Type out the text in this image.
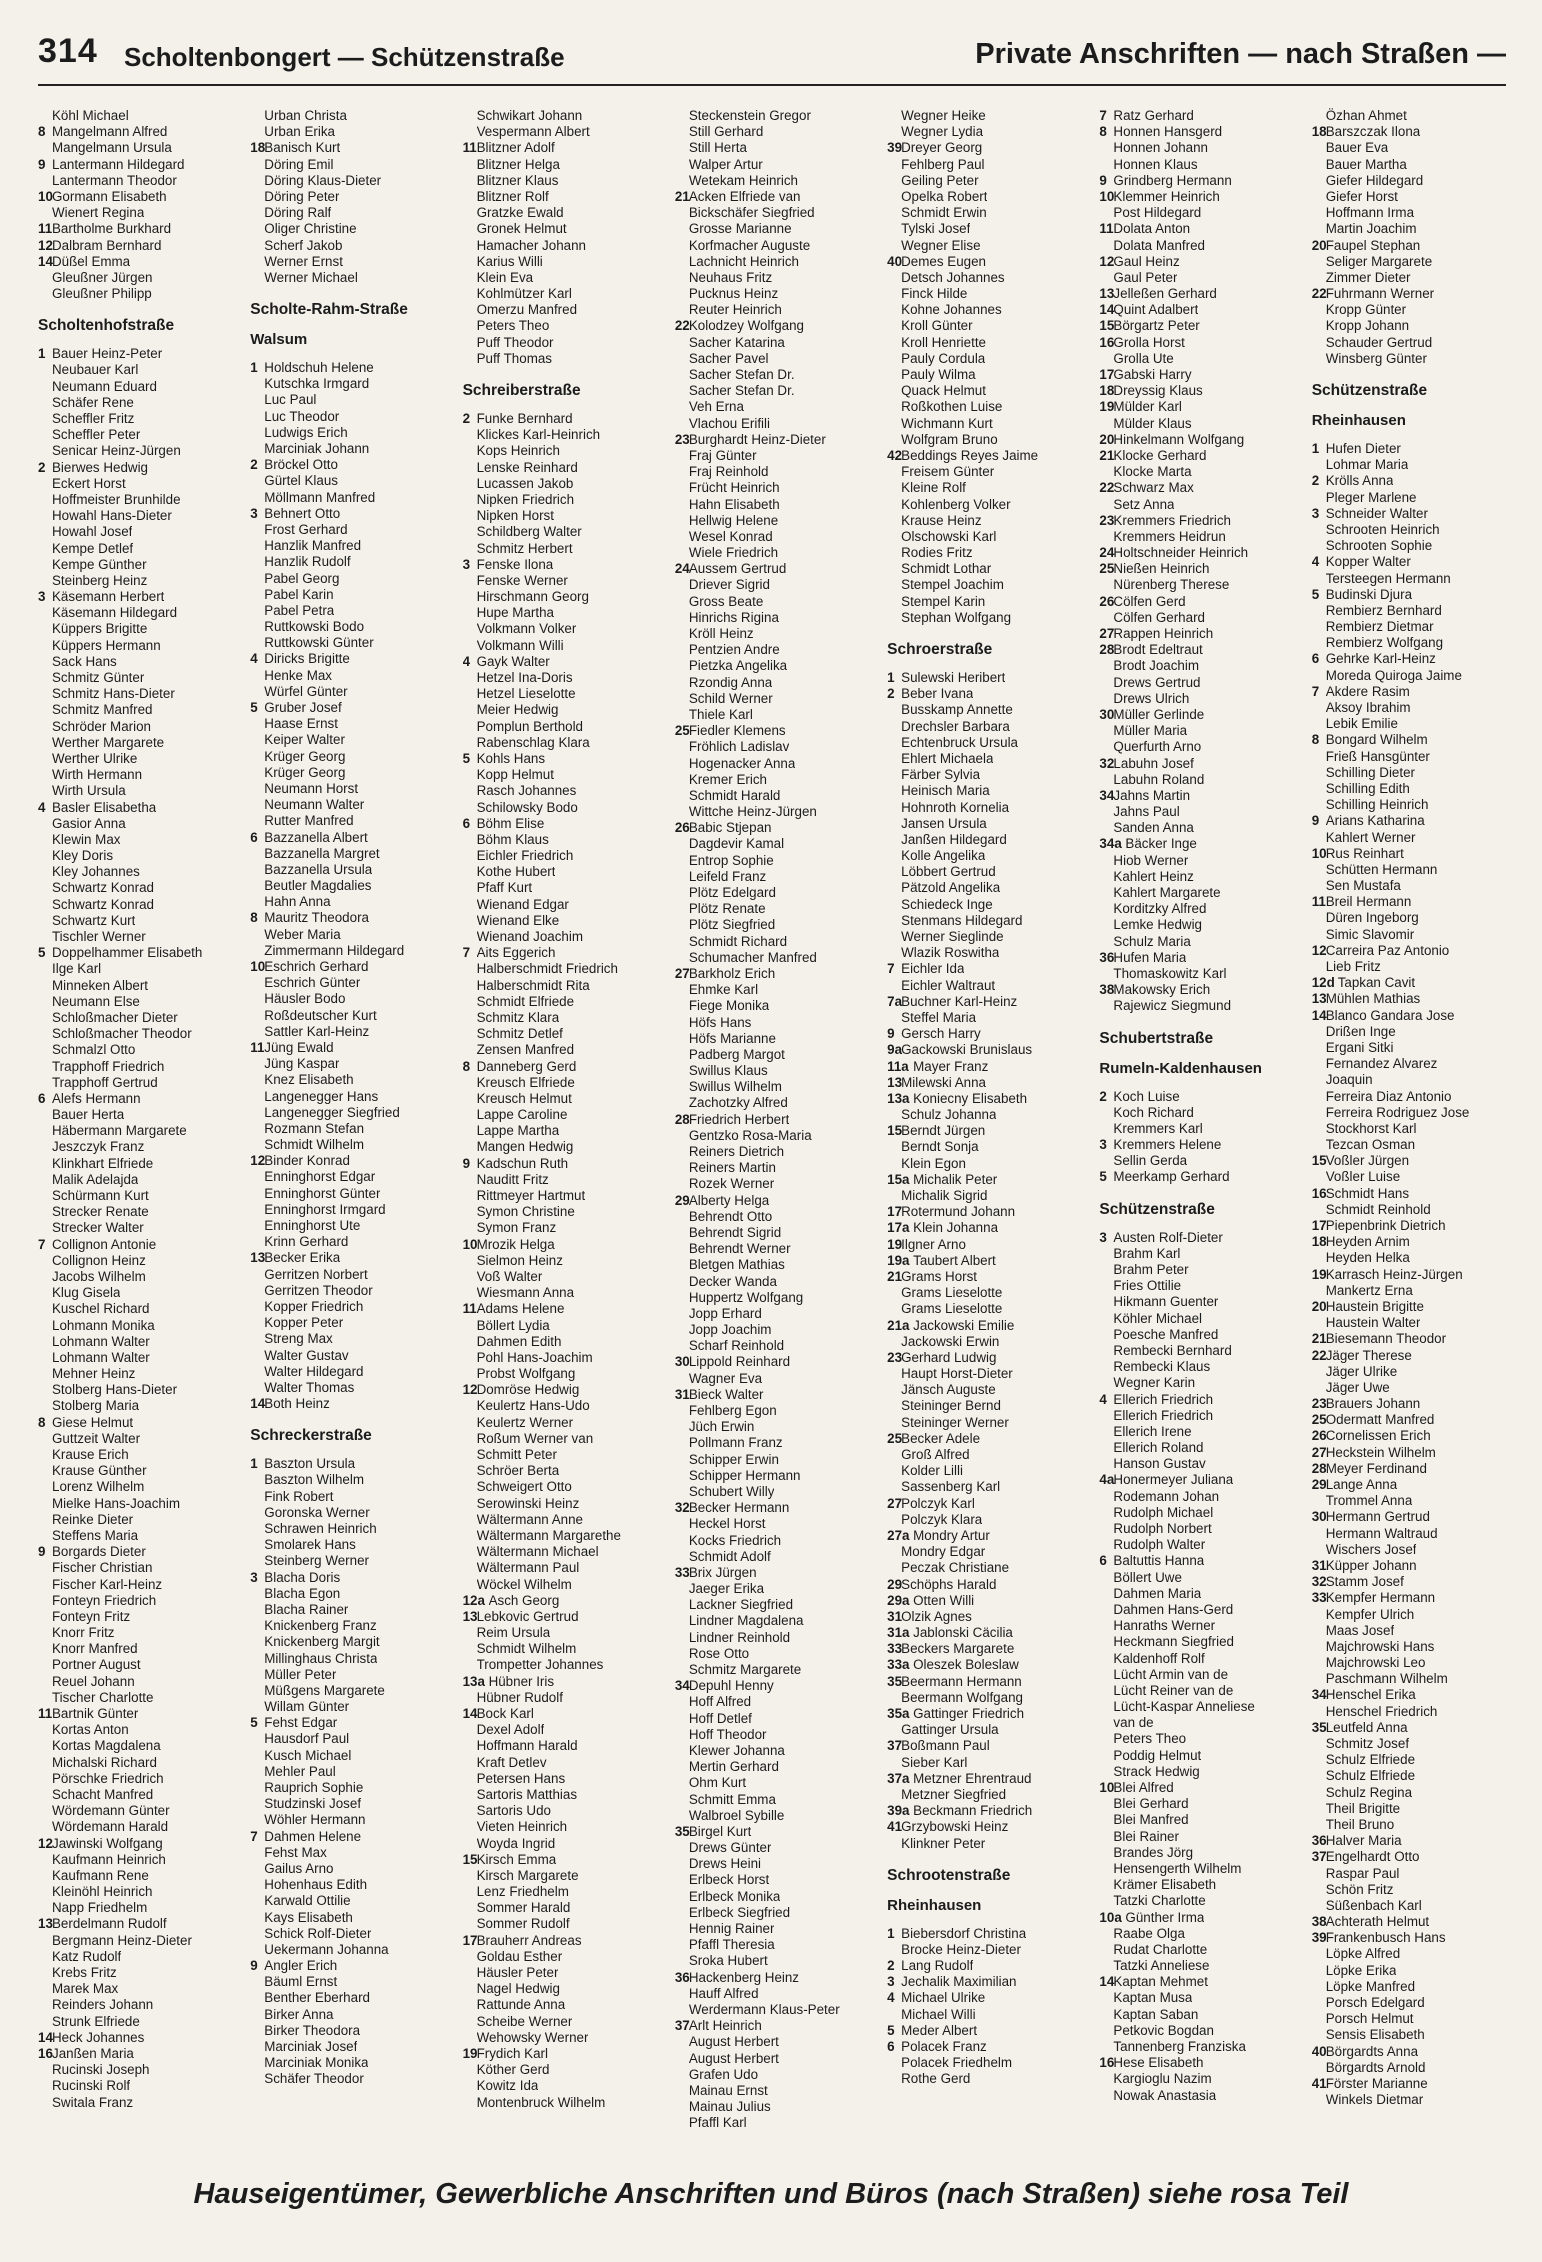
314 Scholtenbongert — Schützenstraße	Private Anschriften — nach Straßen —
Köhl Michael
8 Mangelmann Alfred
Mangelmann Ursula
9 Lantermann Hildegard
Lantermann Theodor
10 Gormann Elisabeth
Wienert Regina
11 Bartholme Burkhard
12 Dalbram Bernhard
14 Düßel Emma
Gleußner Jürgen
Gleußner Philipp
Scholtenhofstraße
1 Bauer Heinz-Peter
Neubauer Karl
Neumann Eduard
Schäfer Rene
Scheffler Fritz
Scheffler Peter
Senicar Heinz-Jürgen
2 Bierwes Hedwig
Eckert Horst
Hoffmeister Brunhilde
Howahl Hans-Dieter
Howahl Josef
Kempe Detlef
Kempe Günther
Steinberg Heinz
3 Käsemann Herbert
Käsemann Hildegard
Küppers Brigitte
Küppers Hermann
Sack Hans
Schmitz Günter
Schmitz Hans-Dieter
Schmitz Manfred
Schröder Marion
Werther Margarete
Werther Ulrike
Wirth Hermann
Wirth Ursula
4 Basler Elisabetha
Gasior Anna
Klewin Max
Kley Doris
Kley Johannes
Schwartz Konrad
Schwartz Konrad
Schwartz Kurt
Tischler Werner
5 Doppelhammer Elisabeth
Ilge Karl
Minneken Albert
Neumann Else
Schloßmacher Dieter
Schloßmacher Theodor
Schmalzl Otto
Trapphoff Friedrich
Trapphoff Gertrud
6 Alefs Hermann
Bauer Herta
Häbermann Margarete
Jeszczyk Franz
Klinkhart Elfriede
Malik Adelajda
Schürmann Kurt
Strecker Renate
Strecker Walter
7 Collignon Antonie
Collignon Heinz
Jacobs Wilhelm
Klug Gisela
Kuschel Richard
Lohmann Monika
Lohmann Walter
Lohmann Walter
Mehner Heinz
Stolberg Hans-Dieter
Stolberg Maria
8 Giese Helmut
Guttzeit Walter
Krause Erich
Krause Günther
Lorenz Wilhelm
Mielke Hans-Joachim
Reinke Dieter
Steffens Maria
9 Borgards Dieter
Fischer Christian
Fischer Karl-Heinz
Fonteyn Friedrich
Fonteyn Fritz
Knorr Fritz
Knorr Manfred
Portner August
Reuel Johann
Tischer Charlotte
11 Bartnik Günter
Kortas Anton
Kortas Magdalena
Michalski Richard
Pörschke Friedrich
Schacht Manfred
Wördemann Günter
Wördemann Harald
12 Jawinski Wolfgang
Kaufmann Heinrich
Kaufmann Rene
Kleinöhl Heinrich
Napp Friedhelm
13 Berdelmann Rudolf
Bergmann Heinz-Dieter
Katz Rudolf
Krebs Fritz
Marek Max
Reinders Johann
Strunk Elfriede
14 Heck Johannes
16 Janßen Maria
Rucinski Joseph
Rucinski Rolf
Switala Franz
Urban Christa
Urban Erika
18 Banisch Kurt
Döring Emil
Döring Klaus-Dieter
Döring Peter
Döring Ralf
Oliger Christine
Scherf Jakob
Werner Ernst
Werner Michael
Scholte-Rahm-Straße
Walsum
1 Holdschuh Helene
Kutschka Irmgard
Luc Paul
Luc Theodor
Ludwigs Erich
Marciniak Johann
2 Bröckel Otto
Gürtel Klaus
Möllmann Manfred
3 Behnert Otto
Frost Gerhard
Hanzlik Manfred
Hanzlik Rudolf
Pabel Georg
Pabel Karin
Pabel Petra
Ruttkowski Bodo
Ruttkowski Günter
4 Diricks Brigitte
Henke Max
Würfel Günter
5 Gruber Josef
Haase Ernst
Keiper Walter
Krüger Georg
Krüger Georg
Neumann Horst
Neumann Walter
Rutter Manfred
6 Bazzanella Albert
Bazzanella Margret
Bazzanella Ursula
Beutler Magdalies
Hahn Anna
8 Mauritz Theodora
Weber Maria
Zimmermann Hildegard
10 Eschrich Gerhard
Eschrich Günter
Häusler Bodo
Roßdeutscher Kurt
Sattler Karl-Heinz
11 Jüng Ewald
Jüng Kaspar
Knez Elisabeth
Langenegger Hans
Langenegger Siegfried
Rozmann Stefan
Schmidt Wilhelm
12 Binder Konrad
Enninghorst Edgar
Enninghorst Günter
Enninghorst Irmgard
Enninghorst Ute
Krinn Gerhard
13 Becker Erika
Gerritzen Norbert
Gerritzen Theodor
Kopper Friedrich
Kopper Peter
Streng Max
Walter Gustav
Walter Hildegard
Walter Thomas
14 Both Heinz
Schreckerstraße
1 Baszton Ursula
Baszton Wilhelm
Fink Robert
Goronska Werner
Schrawen Heinrich
Smolarek Hans
Steinberg Werner
3 Blacha Doris
Blacha Egon
Blacha Rainer
Knickenberg Franz
Knickenberg Margit
Millinghaus Christa
Müller Peter
Müßgens Margarete
Willam Günter
5 Fehst Edgar
Hausdorf Paul
Kusch Michael
Mehler Paul
Rauprich Sophie
Studzinski Josef
Wöhler Hermann
7 Dahmen Helene
Fehst Max
Gailus Arno
Hohenhaus Edith
Karwald Ottilie
Kays Elisabeth
Schick Rolf-Dieter
Uekermann Johanna
9 Angler Erich
Bäuml Ernst
Benther Eberhard
Birker Anna
Birker Theodora
Marciniak Josef
Marciniak Monika
Schäfer Theodor
Schwikart Johann
Vespermann Albert
11 Blitzner Adolf
Blitzner Helga
Blitzner Klaus
Blitzner Rolf
Gratzke Ewald
Gronek Helmut
Hamacher Johann
Karius Willi
Klein Eva
Kohlmützer Karl
Omerzu Manfred
Peters Theo
Puff Theodor
Puff Thomas
Schreiberstraße
2 Funke Bernhard
Klickes Karl-Heinrich
Kops Heinrich
Lenske Reinhard
Lucassen Jakob
Nipken Friedrich
Nipken Horst
Schildberg Walter
Schmitz Herbert
3 Fenske Ilona
Fenske Werner
Hirschmann Georg
Hupe Martha
Volkmann Volker
Volkmann Willi
4 Gayk Walter
Hetzel Ina-Doris
Hetzel Lieselotte
Meier Hedwig
Pomplun Berthold
Rabenschlag Klara
5 Kohls Hans
Kopp Helmut
Rasch Johannes
Schilowsky Bodo
6 Böhm Elise
Böhm Klaus
Eichler Friedrich
Kothe Hubert
Pfaff Kurt
Wienand Edgar
Wienand Elke
Wienand Joachim
7 Aits Eggerich
Halberschmidt Friedrich
Halberschmidt Rita
Schmidt Elfriede
Schmitz Klara
Schmitz Detlef
Zensen Manfred
8 Danneberg Gerd
Kreusch Elfriede
Kreusch Helmut
Lappe Caroline
Lappe Martha
Mangen Hedwig
9 Kadschun Ruth
Nauditt Fritz
Rittmeyer Hartmut
Symon Christine
Symon Franz
10 Mrozik Helga
Sielmon Heinz
Voß Walter
Wiesmann Anna
11 Adams Helene
Böllert Lydia
Dahmen Edith
Pohl Hans-Joachim
Probst Wolfgang
12 Domröse Hedwig
Keulertz Hans-Udo
Keulertz Werner
Roßum Werner van
Schmitt Peter
Schröer Berta
Schweigert Otto
Serowinski Heinz
Wältermann Anne
Wältermann Margarethe
Wältermann Michael
Wältermann Paul
Wöckel Wilhelm
12a Asch Georg
13 Lebkovic Gertrud
Reim Ursula
Schmidt Wilhelm
Trompetter Johannes
13a Hübner Iris
Hübner Rudolf
14 Bock Karl
Dexel Adolf
Hoffmann Harald
Kraft Detlev
Petersen Hans
Sartoris Matthias
Sartoris Udo
Vieten Heinrich
Woyda Ingrid
15 Kirsch Emma
Kirsch Margarete
Lenz Friedhelm
Sommer Harald
Sommer Rudolf
17 Brauherr Andreas
Goldau Esther
Häusler Peter
Nagel Hedwig
Rattunde Anna
Scheibe Werner
Wehowsky Werner
19 Frydich Karl
Köther Gerd
Kowitz Ida
Montenbruck Wilhelm
Steckenstein Gregor
Still Gerhard
Still Herta
Walper Artur
Wetekam Heinrich
21 Acken Elfriede van
Bickschäfer Siegfried
Grosse Marianne
Korfmacher Auguste
Lachnicht Heinrich
Neuhaus Fritz
Pucknus Heinz
Reuter Heinrich
22 Kolodzey Wolfgang
Sacher Katarina
Sacher Pavel
Sacher Stefan Dr.
Sacher Stefan Dr.
Veh Erna
Vlachou Erifili
23 Burghardt Heinz-Dieter
Fraj Günter
Fraj Reinhold
Frücht Heinrich
Hahn Elisabeth
Hellwig Helene
Wesel Konrad
Wiele Friedrich
24 Aussem Gertrud
Driever Sigrid
Gross Beate
Hinrichs Rigina
Kröll Heinz
Pentzien Andre
Pietzka Angelika
Rzondig Anna
Schild Werner
Thiele Karl
25 Fiedler Klemens
Fröhlich Ladislav
Hogenacker Anna
Kremer Erich
Schmidt Harald
Wittche Heinz-Jürgen
26 Babic Stjepan
Dagdevir Kamal
Entrop Sophie
Leifeld Franz
Plötz Edelgard
Plötz Renate
Plötz Siegfried
Schmidt Richard
Schumacher Manfred
27 Barkholz Erich
Ehmke Karl
Fiege Monika
Höfs Hans
Höfs Marianne
Padberg Margot
Swillus Klaus
Swillus Wilhelm
Zachotzky Alfred
28 Friedrich Herbert
Gentzko Rosa-Maria
Reiners Dietrich
Reiners Martin
Rozek Werner
29 Alberty Helga
Behrendt Otto
Behrendt Sigrid
Behrendt Werner
Bletgen Mathias
Decker Wanda
Huppertz Wolfgang
Jopp Erhard
Jopp Joachim
Scharf Reinhold
30 Lippold Reinhard
Wagner Eva
31 Bieck Walter
Fehlberg Egon
Jüch Erwin
Pollmann Franz
Schipper Erwin
Schipper Hermann
Schubert Willy
32 Becker Hermann
Heckel Horst
Kocks Friedrich
Schmidt Adolf
33 Brix Jürgen
Jaeger Erika
Lackner Siegfried
Lindner Magdalena
Lindner Reinhold
Rose Otto
Schmitz Margarete
34 Depuhl Henny
Hoff Alfred
Hoff Detlef
Hoff Theodor
Klewer Johanna
Mertin Gerhard
Ohm Kurt
Schmitt Emma
Walbroel Sybille
35 Birgel Kurt
Drews Günter
Drews Heini
Erlbeck Horst
Erlbeck Monika
Erlbeck Siegfried
Hennig Rainer
Pfaffl Theresia
Sroka Hubert
36 Hackenberg Heinz
Hauff Alfred
Werdermann Klaus-Peter
37 Arlt Heinrich
August Herbert
August Herbert
Grafen Udo
Mainau Ernst
Mainau Julius
Pfaffl Karl
Wegner Heike
Wegner Lydia
39 Dreyer Georg
Fehlberg Paul
Geiling Peter
Opelka Robert
Schmidt Erwin
Tylski Josef
Wegner Elise
40 Demes Eugen
Detsch Johannes
Finck Hilde
Kohne Johannes
Kroll Günter
Kroll Henriette
Pauly Cordula
Pauly Wilma
Quack Helmut
Roßkothen Luise
Wichmann Kurt
Wolfgram Bruno
42 Beddings Reyes Jaime
Freisem Günter
Kleine Rolf
Kohlenberg Volker
Krause Heinz
Olschowski Karl
Rodies Fritz
Schmidt Lothar
Stempel Joachim
Stempel Karin
Stephan Wolfgang
Schroerstraße
1 Sulewski Heribert
2 Beber Ivana
Busskamp Annette
Drechsler Barbara
Echtenbruck Ursula
Ehlert Michaela
Färber Sylvia
Heinisch Maria
Hohnroth Kornelia
Jansen Ursula
Janßen Hildegard
Kolle Angelika
Löbbert Gertrud
Pätzold Angelika
Schiedeck Inge
Stenmans Hildegard
Werner Sieglinde
Wlazik Roswitha
7 Eichler Ida
Eichler Waltraut
7a Buchner Karl-Heinz
Steffel Maria
9 Gersch Harry
9a Gackowski Brunislaus
11a Mayer Franz
13 Milewski Anna
13a Koniecny Elisabeth
Schulz Johanna
15 Berndt Jürgen
Berndt Sonja
Klein Egon
15a Michalik Peter
Michalik Sigrid
17 Rotermund Johann
17a Klein Johanna
19 Ilgner Arno
19a Taubert Albert
21 Grams Horst
Grams Lieselotte
Grams Lieselotte
21a Jackowski Emilie
Jackowski Erwin
23 Gerhard Ludwig
Haupt Horst-Dieter
Jänsch Auguste
Steininger Bernd
Steininger Werner
25 Becker Adele
Groß Alfred
Kolder Lilli
Sassenberg Karl
27 Polczyk Karl
Polczyk Klara
27a Mondry Artur
Mondry Edgar
Peczak Christiane
29 Schöphs Harald
29a Otten Willi
31 Olzik Agnes
31a Jablonski Cäcilia
33 Beckers Margarete
33a Oleszek Boleslaw
35 Beermann Hermann
Beermann Wolfgang
35a Gattinger Friedrich
Gattinger Ursula
37 Boßmann Paul
Sieber Karl
37a Metzner Ehrentraud
Metzner Siegfried
39a Beckmann Friedrich
41 Grzybowski Heinz
Klinkner Peter
Schrootenstraße
Rheinhausen
1 Biebersdorf Christina
Brocke Heinz-Dieter
2 Lang Rudolf
3 Jechalik Maximilian
4 Michael Ulrike
Michael Willi
5 Meder Albert
6 Polacek Franz
Polacek Friedhelm
Rothe Gerd
7 Ratz Gerhard
8 Honnen Hansgerd
Honnen Johann
Honnen Klaus
9 Grindberg Hermann
10 Klemmer Heinrich
Post Hildegard
11 Dolata Anton
Dolata Manfred
12 Gaul Heinz
Gaul Peter
13 Jelleßen Gerhard
14 Quint Adalbert
15 Börgartz Peter
16 Grolla Horst
Grolla Ute
17 Gabski Harry
18 Dreyssig Klaus
19 Mülder Karl
Mülder Klaus
20 Hinkelmann Wolfgang
21 Klocke Gerhard
Klocke Marta
22 Schwarz Max
Setz Anna
23 Kremmers Friedrich
Kremmers Heidrun
24 Holtschneider Heinrich
25 Nießen Heinrich
Nürenberg Therese
26 Cölfen Gerd
Cölfen Gerhard
27 Rappen Heinrich
28 Brodt Edeltraut
Brodt Joachim
Drews Gertrud
Drews Ulrich
30 Müller Gerlinde
Müller Maria
Querfurth Arno
32 Labuhn Josef
Labuhn Roland
34 Jahns Martin
Jahns Paul
Sanden Anna
34a Bäcker Inge
Hiob Werner
Kahlert Heinz
Kahlert Margarete
Korditzky Alfred
Lemke Hedwig
Schulz Maria
36 Hufen Maria
Thomaskowitz Karl
38 Makowsky Erich
Rajewicz Siegmund
Schubertstraße
Rumeln-Kaldenhausen
2 Koch Luise
Koch Richard
Kremmers Karl
3 Kremmers Helene
Sellin Gerda
5 Meerkamp Gerhard
Schützenstraße
3 Austen Rolf-Dieter
Brahm Karl
Brahm Peter
Fries Ottilie
Hikmann Guenter
Köhler Michael
Poesche Manfred
Rembecki Bernhard
Rembecki Klaus
Wegner Karin
4 Ellerich Friedrich
Ellerich Friedrich
Ellerich Irene
Ellerich Roland
Hanson Gustav
4a Honermeyer Juliana
Rodemann Johan
Rudolph Michael
Rudolph Norbert
Rudolph Walter
6 Baltuttis Hanna
Böllert Uwe
Dahmen Maria
Dahmen Hans-Gerd
Hanraths Werner
Heckmann Siegfried
Kaldenhoff Rolf
Lücht Armin van de
Lücht Reiner van de
Lücht-Kaspar Anneliese
van de
Peters Theo
Poddig Helmut
Strack Hedwig
10 Blei Alfred
Blei Gerhard
Blei Manfred
Blei Rainer
Brandes Jörg
Hensengerth Wilhelm
Krämer Elisabeth
Tatzki Charlotte
10a Günther Irma
Raabe Olga
Rudat Charlotte
Tatzki Anneliese
14 Kaptan Mehmet
Kaptan Musa
Kaptan Saban
Petkovic Bogdan
Tannenberg Franziska
16 Hese Elisabeth
Kargioglu Nazim
Nowak Anastasia
Özhan Ahmet
18 Barszczak Ilona
Bauer Eva
Bauer Martha
Giefer Hildegard
Giefer Horst
Hoffmann Irma
Martin Joachim
20 Faupel Stephan
Seliger Margarete
Zimmer Dieter
22 Fuhrmann Werner
Kropp Günter
Kropp Johann
Schauder Gertrud
Winsberg Günter
Schützenstraße
Rheinhausen
1 Hufen Dieter
Lohmar Maria
2 Krölls Anna
Pleger Marlene
3 Schneider Walter
Schrooten Heinrich
Schrooten Sophie
4 Kopper Walter
Tersteegen Hermann
5 Budinski Djura
Rembierz Bernhard
Rembierz Dietmar
Rembierz Wolfgang
6 Gehrke Karl-Heinz
Moreda Quiroga Jaime
7 Akdere Rasim
Aksoy Ibrahim
Lebik Emilie
8 Bongard Wilhelm
Frieß Hansgünter
Schilling Dieter
Schilling Edith
Schilling Heinrich
9 Arians Katharina
Kahlert Werner
10 Rus Reinhart
Schütten Hermann
Sen Mustafa
11 Breil Hermann
Düren Ingeborg
Simic Slavomir
12 Carreira Paz Antonio
Lieb Fritz
12d Tapkan Cavit
13 Mühlen Mathias
14 Blanco Gandara Jose
Drißen Inge
Ergani Sitki
Fernandez Alvarez
Joaquin
Ferreira Diaz Antonio
Ferreira Rodriguez Jose
Stockhorst Karl
Tezcan Osman
15 Voßler Jürgen
Voßler Luise
16 Schmidt Hans
Schmidt Reinhold
17 Piepenbrink Dietrich
18 Heyden Arnim
Heyden Helka
19 Karrasch Heinz-Jürgen
Mankertz Erna
20 Haustein Brigitte
Haustein Walter
21 Biesemann Theodor
22 Jäger Therese
Jäger Ulrike
Jäger Uwe
23 Brauers Johann
25 Odermatt Manfred
26 Cornelissen Erich
27 Heckstein Wilhelm
28 Meyer Ferdinand
29 Lange Anna
Trommel Anna
30 Hermann Gertrud
Hermann Waltraud
Wischers Josef
31 Küpper Johann
32 Stamm Josef
33 Kempfer Hermann
Kempfer Ulrich
Maas Josef
Majchrowski Hans
Majchrowski Leo
Paschmann Wilhelm
34 Henschel Erika
Henschel Friedrich
35 Leutfeld Anna
Schmitz Josef
Schulz Elfriede
Schulz Elfriede
Schulz Regina
Theil Brigitte
Theil Bruno
36 Halver Maria
37 Engelhardt Otto
Raspar Paul
Schön Fritz
Süßenbach Karl
38 Achterath Helmut
39 Frankenbusch Hans
Löpke Alfred
Löpke Erika
Löpke Manfred
Porsch Edelgard
Porsch Helmut
Sensis Elisabeth
40 Börgardts Anna
Börgardts Arnold
41 Förster Marianne
Winkels Dietmar
Hauseigentümer, Gewerbliche Anschriften und Büros (nach Straßen) siehe rosa Teil
